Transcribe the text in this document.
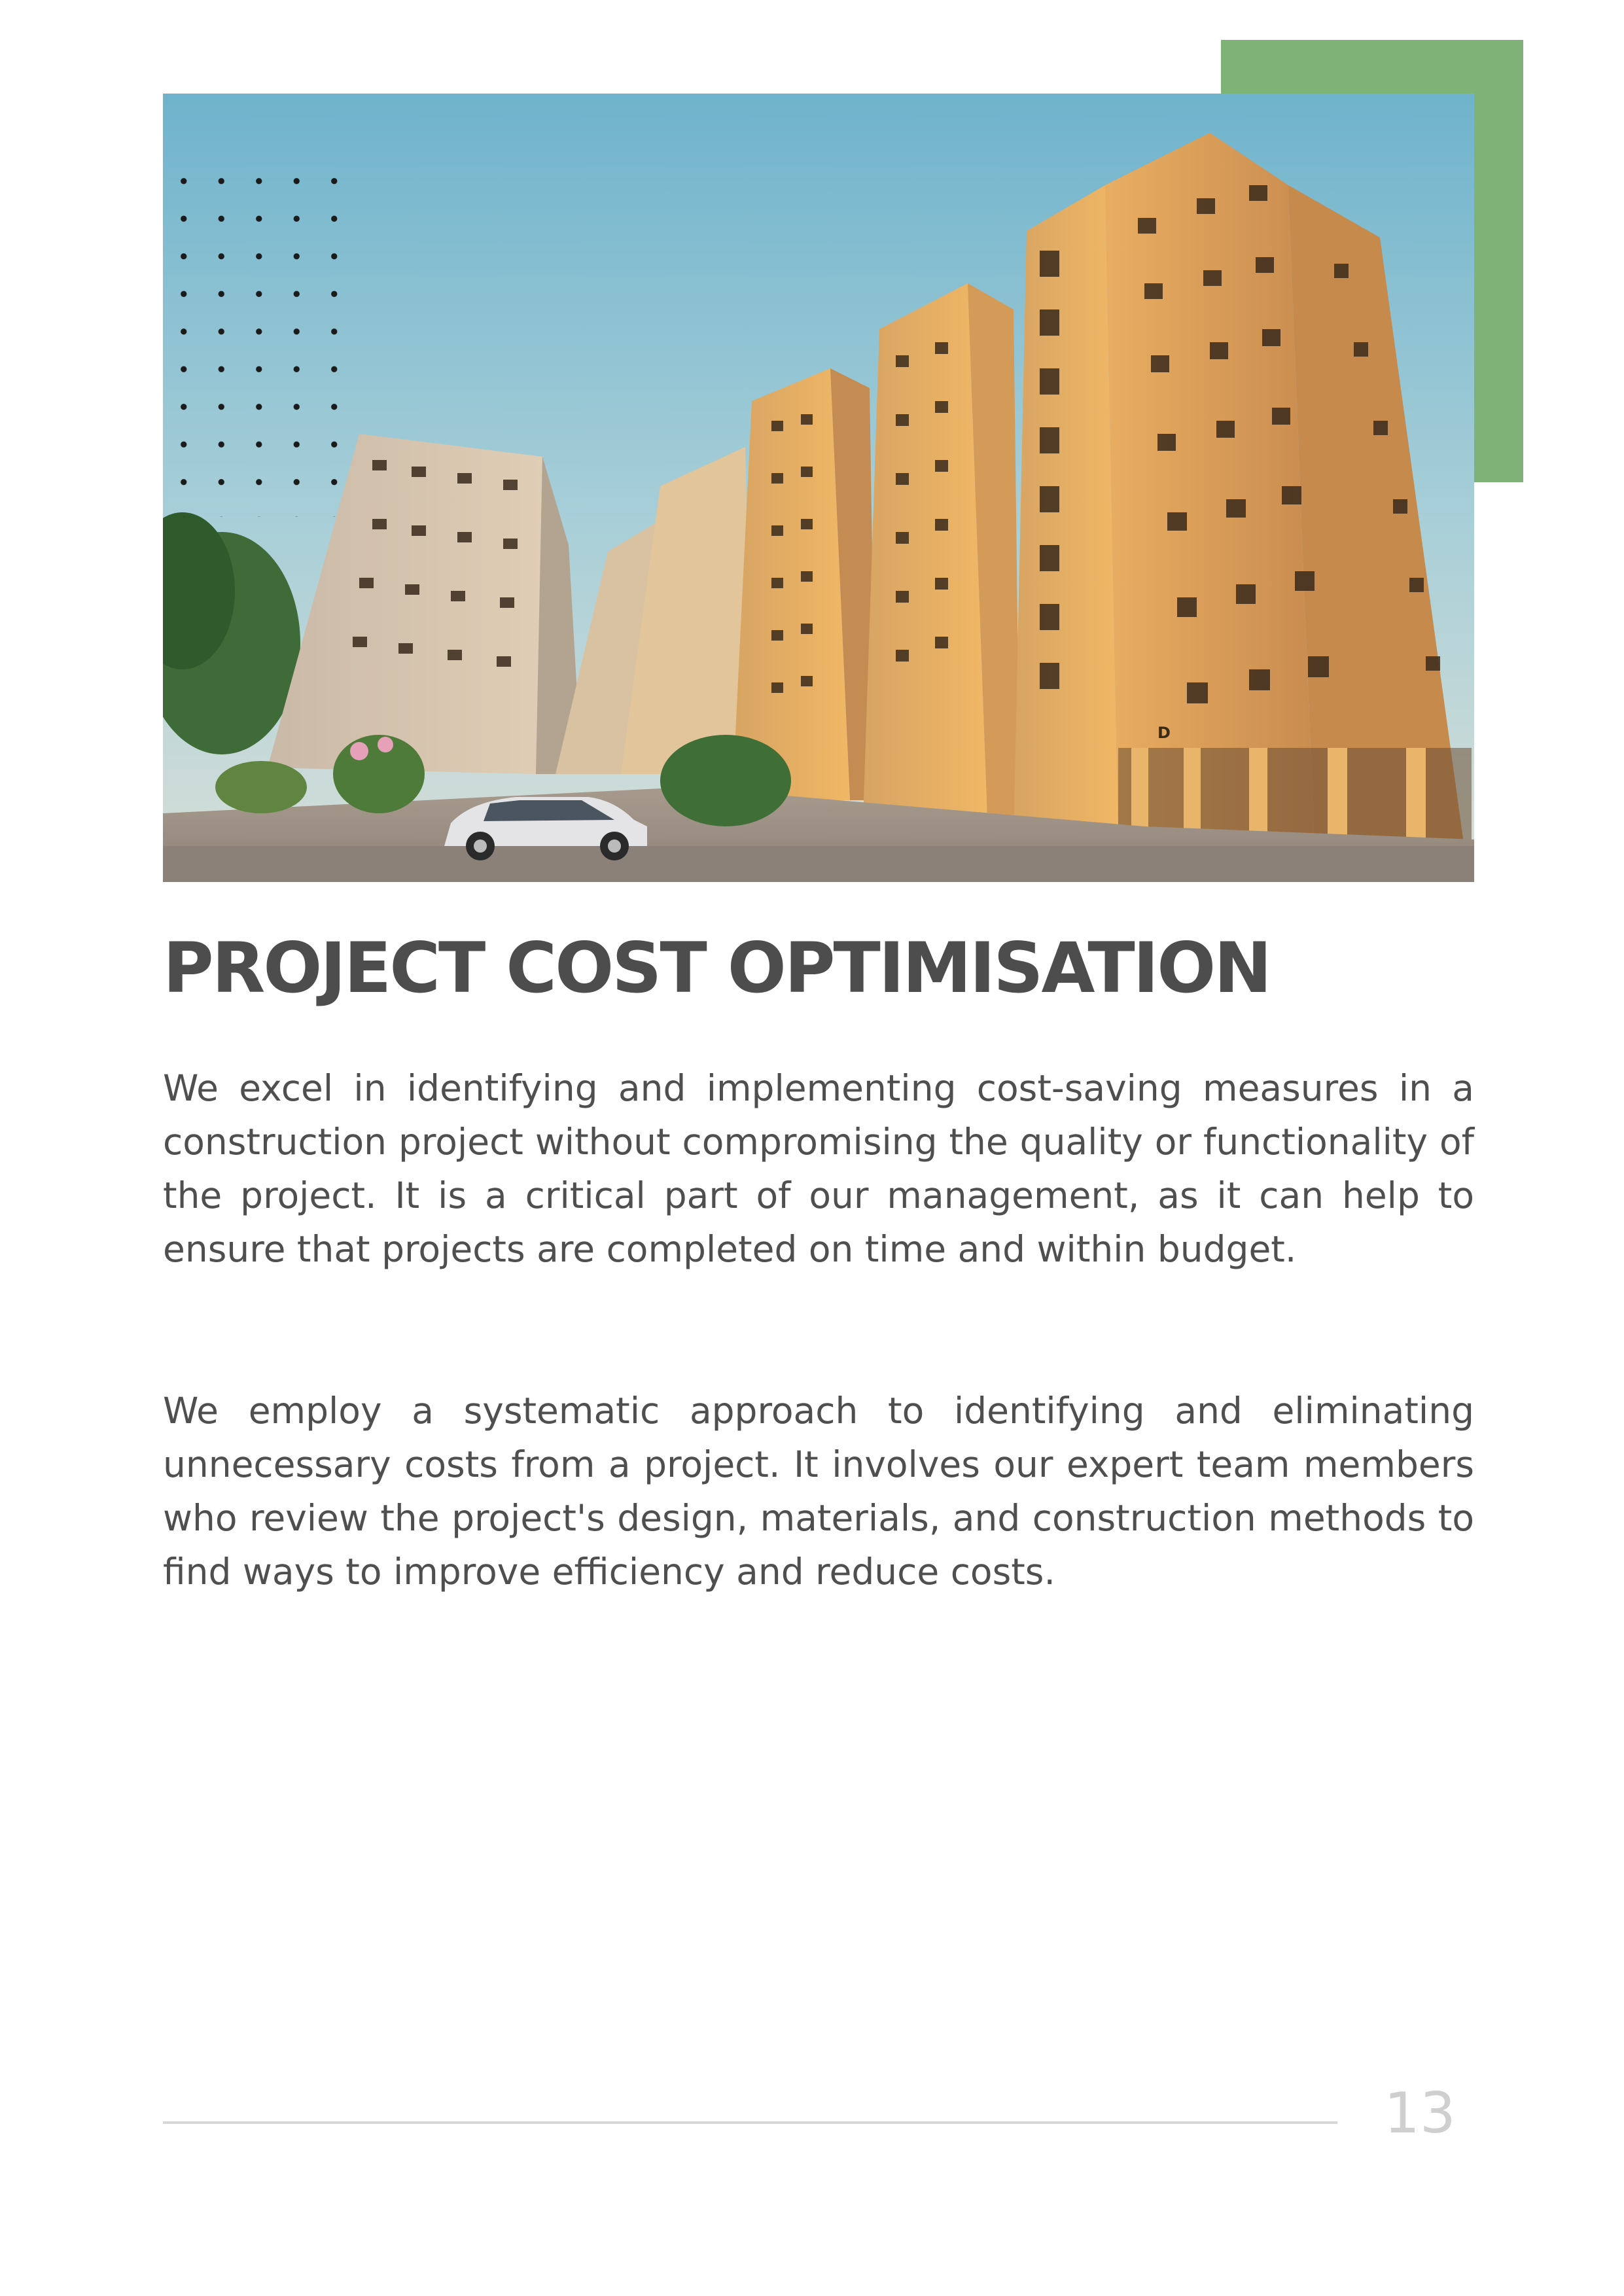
D
PROJECT COST OPTIMISATION

We excel in identifying and implementing cost-saving measures in a construction project without compromising the quality or functionality of the project. It is a critical part of our management, as it can help to ensure that projects are completed on time and within budget.

We employ a systematic approach to identifying and eliminating unnecessary costs from a project. It involves our expert team members who review the project's design, materials, and construction methods to find ways to improve efficiency and reduce costs.

13
